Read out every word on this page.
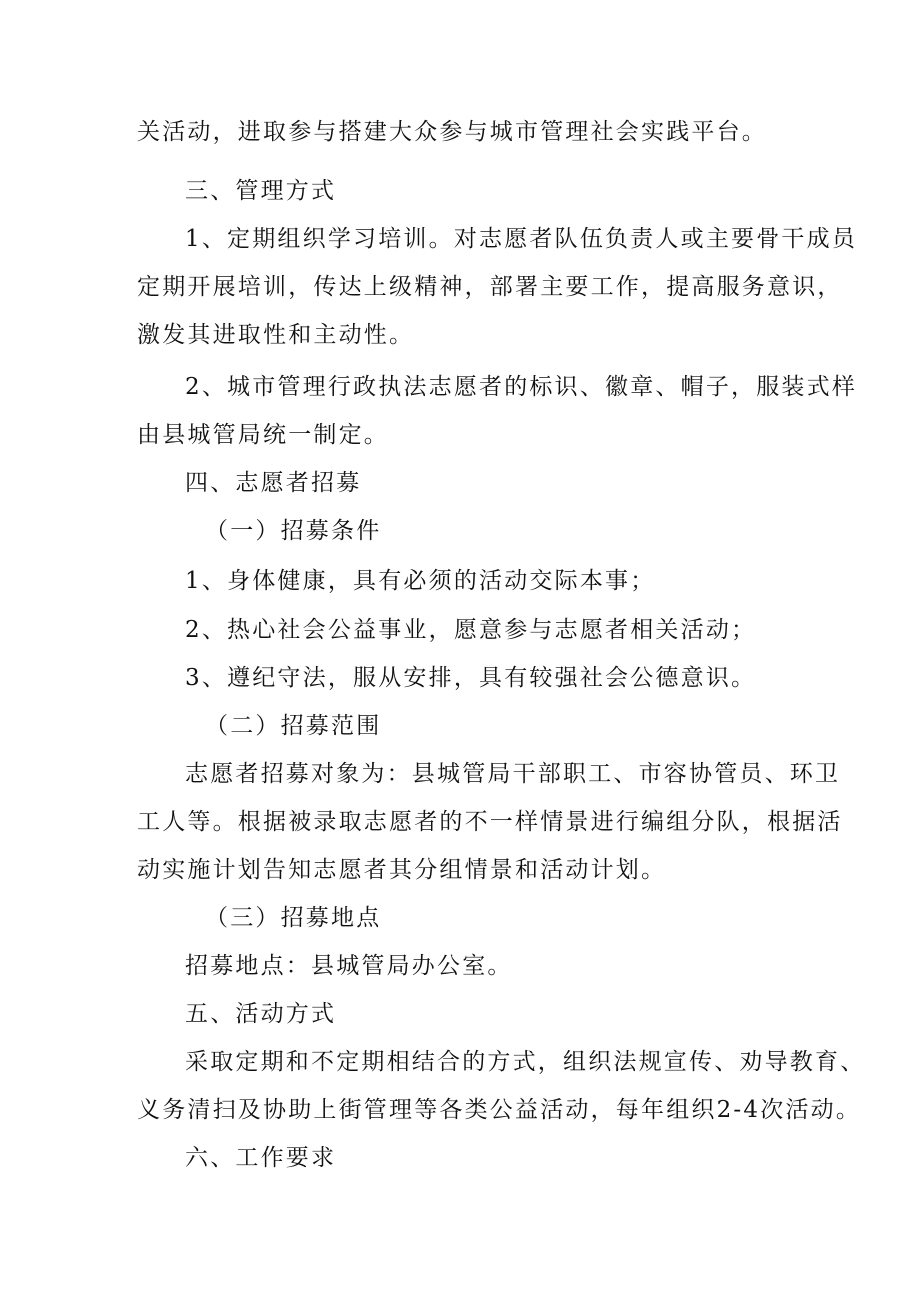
关活动，进取参与搭建大众参与城市管理社会实践平台。
三、管理方式
1、定期组织学习培训。对志愿者队伍负责人或主要骨干成员
定期开展培训，传达上级精神，部署主要工作，提高服务意识，
激发其进取性和主动性。
2、城市管理行政执法志愿者的标识、徽章、帽子，服装式样
由县城管局统一制定。
四、志愿者招募
（一）招募条件
1、身体健康，具有必须的活动交际本事；
2、热心社会公益事业，愿意参与志愿者相关活动；
3、遵纪守法，服从安排，具有较强社会公德意识。
（二）招募范围
志愿者招募对象为：县城管局干部职工、市容协管员、环卫
工人等。根据被录取志愿者的不一样情景进行编组分队，根据活
动实施计划告知志愿者其分组情景和活动计划。
（三）招募地点
招募地点：县城管局办公室。
五、活动方式
采取定期和不定期相结合的方式，组织法规宣传、劝导教育、
义务清扫及协助上街管理等各类公益活动，每年组织2-4次活动。
六、工作要求
